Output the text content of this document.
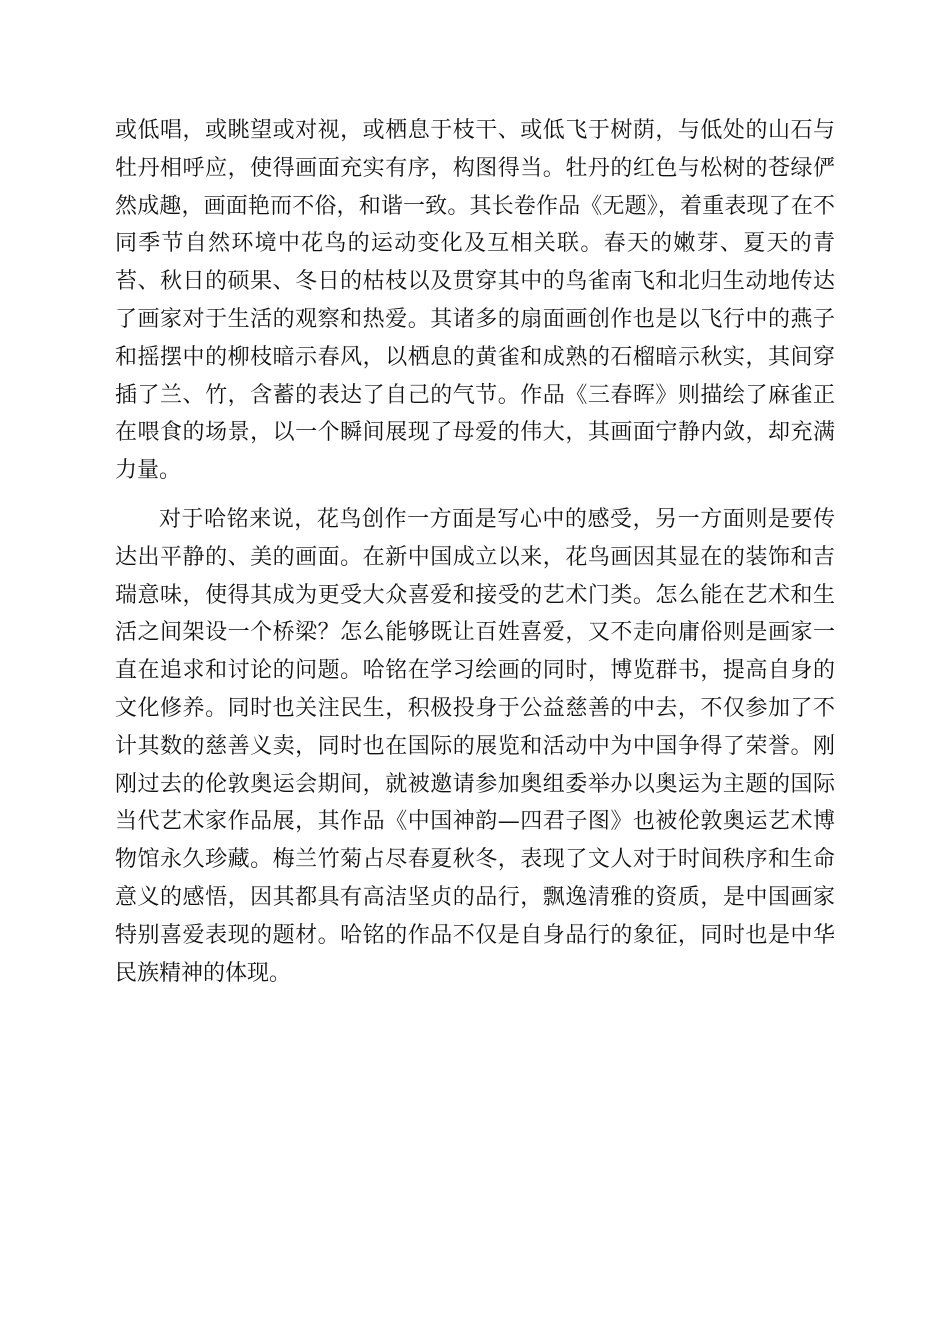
或低唱，或眺望或对视，或栖息于枝干、或低飞于树荫，与低处的山石与牡丹相呼应，使得画面充实有序，构图得当。牡丹的红色与松树的苍绿俨然成趣，画面艳而不俗，和谐一致。其长卷作品《无题》，着重表现了在不同季节自然环境中花鸟的运动变化及互相关联。春天的嫩芽、夏天的青苔、秋日的硕果、冬日的枯枝以及贯穿其中的鸟雀南飞和北归生动地传达了画家对于生活的观察和热爱。其诸多的扇面画创作也是以飞行中的燕子和摇摆中的柳枝暗示春风，以栖息的黄雀和成熟的石榴暗示秋实，其间穿插了兰、竹，含蓄的表达了自己的气节。作品《三春晖》则描绘了麻雀正在喂食的场景，以一个瞬间展现了母爱的伟大，其画面宁静内敛，却充满力量。

对于哈铭来说，花鸟创作一方面是写心中的感受，另一方面则是要传达出平静的、美的画面。在新中国成立以来，花鸟画因其显在的装饰和吉瑞意味，使得其成为更受大众喜爱和接受的艺术门类。怎么能在艺术和生活之间架设一个桥梁？怎么能够既让百姓喜爱，又不走向庸俗则是画家一直在追求和讨论的问题。哈铭在学习绘画的同时，博览群书，提高自身的文化修养。同时也关注民生，积极投身于公益慈善的中去，不仅参加了不计其数的慈善义卖，同时也在国际的展览和活动中为中国争得了荣誉。刚刚过去的伦敦奥运会期间，就被邀请参加奥组委举办以奥运为主题的国际当代艺术家作品展，其作品《中国神韵—四君子图》也被伦敦奥运艺术博物馆永久珍藏。梅兰竹菊占尽春夏秋冬，表现了文人对于时间秩序和生命意义的感悟，因其都具有高洁坚贞的品行，飘逸清雅的资质，是中国画家特别喜爱表现的题材。哈铭的作品不仅是自身品行的象征，同时也是中华民族精神的体现。
